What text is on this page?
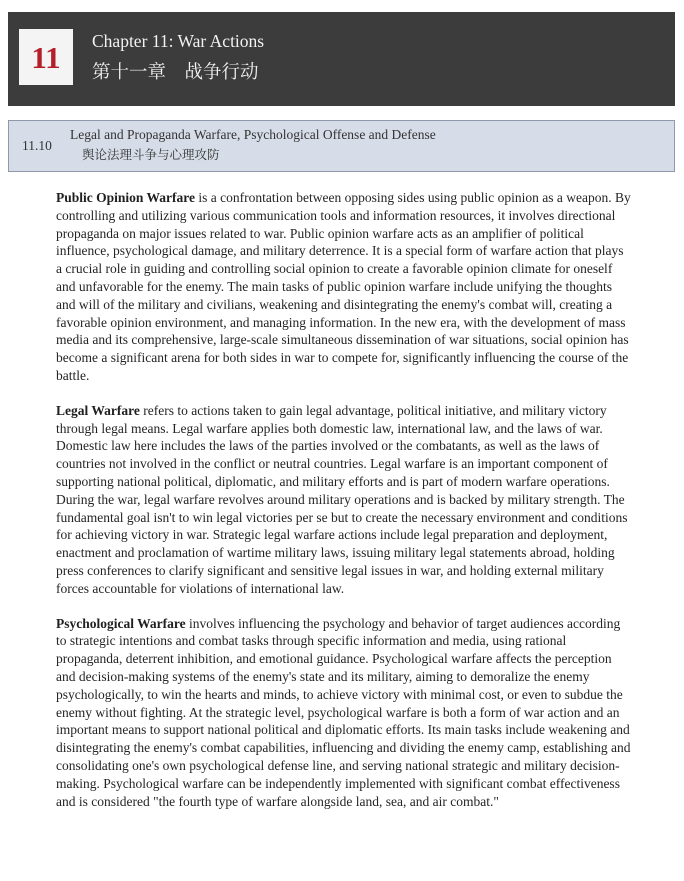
11 Chapter 11: War Actions
第十一章　战争行动
11.10
Legal and Propaganda Warfare, Psychological Offense and Defense
舆论法理斗争与心理攻防

Public Opinion Warfare is a confrontation between opposing sides using public opinion as a weapon. By controlling and utilizing various communication tools and information resources, it involves directional propaganda on major issues related to war. Public opinion warfare acts as an amplifier of political influence, psychological damage, and military deterrence. It is a special form of warfare action that plays a crucial role in guiding and controlling social opinion to create a favorable opinion climate for oneself and unfavorable for the enemy. The main tasks of public opinion warfare include unifying the thoughts and will of the military and civilians, weakening and disintegrating the enemy's combat will, creating a favorable opinion environment, and managing information. In the new era, with the development of mass media and its comprehensive, large-scale simultaneous dissemination of war situations, social opinion has become a significant arena for both sides in war to compete for, significantly influencing the course of the battle.

Legal Warfare refers to actions taken to gain legal advantage, political initiative, and military victory through legal means. Legal warfare applies both domestic law, international law, and the laws of war. Domestic law here includes the laws of the parties involved or the combatants, as well as the laws of countries not involved in the conflict or neutral countries. Legal warfare is an important component of supporting national political, diplomatic, and military efforts and is part of modern warfare operations. During the war, legal warfare revolves around military operations and is backed by military strength. The fundamental goal isn't to win legal victories per se but to create the necessary environment and conditions for achieving victory in war. Strategic legal warfare actions include legal preparation and deployment, enactment and proclamation of wartime military laws, issuing military legal statements abroad, holding press conferences to clarify significant and sensitive legal issues in war, and holding external military forces accountable for violations of international law.

Psychological Warfare involves influencing the psychology and behavior of target audiences according to strategic intentions and combat tasks through specific information and media, using rational propaganda, deterrent inhibition, and emotional guidance. Psychological warfare affects the perception and decision-making systems of the enemy's state and its military, aiming to demoralize the enemy psychologically, to win the hearts and minds, to achieve victory with minimal cost, or even to subdue the enemy without fighting. At the strategic level, psychological warfare is both a form of war action and an important means to support national political and diplomatic efforts. Its main tasks include weakening and disintegrating the enemy's combat capabilities, influencing and dividing the enemy camp, establishing and consolidating one's own psychological defense line, and serving national strategic and military decision-making. Psychological warfare can be independently implemented with significant combat effectiveness and is considered "the fourth type of warfare alongside land, sea, and air combat."
